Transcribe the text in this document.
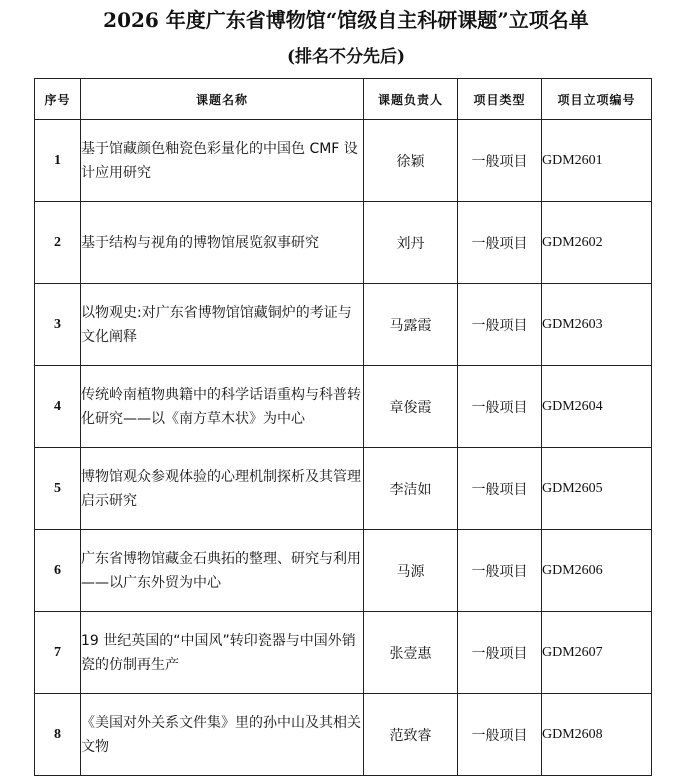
2026 年度广东省博物馆“馆级自主科研课题”立项名单
(排名不分先后)
序号	课题名称	课题负责人	项目类型	项目立项编号
1	基于馆藏颜色釉瓷色彩量化的中国色 CMF 设计应用研究	徐颖	一般项目	GDM2601
2	基于结构与视角的博物馆展览叙事研究	刘丹	一般项目	GDM2602
3	以物观史:对广东省博物馆馆藏铜炉的考证与文化阐释	马露霞	一般项目	GDM2603
4	传统岭南植物典籍中的科学话语重构与科普转化研究——以《南方草木状》为中心	章俊霞	一般项目	GDM2604
5	博物馆观众参观体验的心理机制探析及其管理启示研究	李洁如	一般项目	GDM2605
6	广东省博物馆藏金石典拓的整理、研究与利用——以广东外贸为中心	马源	一般项目	GDM2606
7	19 世纪英国的“中国风”转印瓷器与中国外销瓷的仿制再生产	张壹惠	一般项目	GDM2607
8	《美国对外关系文件集》里的孙中山及其相关文物	范致睿	一般项目	GDM2608
